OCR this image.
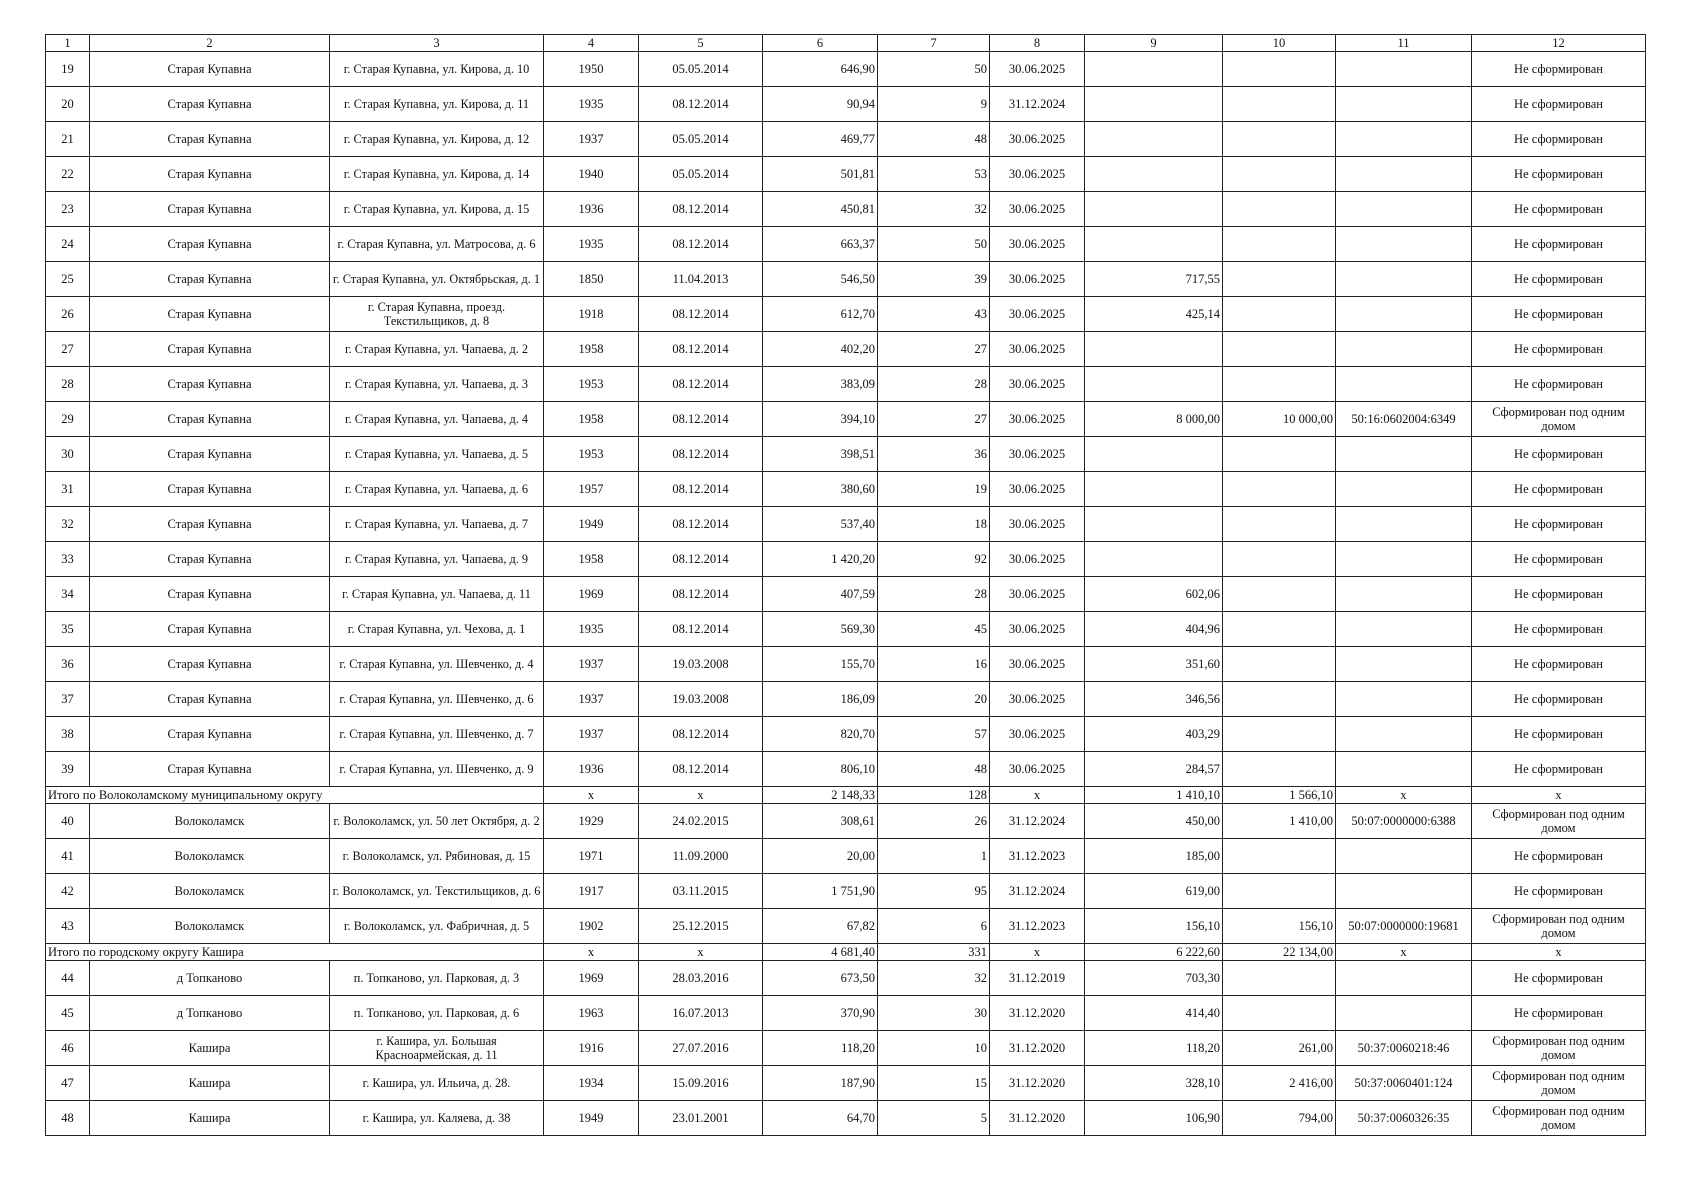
1	2	3	4	5	6	7	8	9	10	11	12
19	Старая Купавна	г. Старая Купавна, ул. Кирова, д. 10	1950	05.05.2014	646,90	50	30.06.2025				Не сформирован
20	Старая Купавна	г. Старая Купавна, ул. Кирова, д. 11	1935	08.12.2014	90,94	9	31.12.2024				Не сформирован
21	Старая Купавна	г. Старая Купавна, ул. Кирова, д. 12	1937	05.05.2014	469,77	48	30.06.2025				Не сформирован
22	Старая Купавна	г. Старая Купавна, ул. Кирова, д. 14	1940	05.05.2014	501,81	53	30.06.2025				Не сформирован
23	Старая Купавна	г. Старая Купавна, ул. Кирова, д. 15	1936	08.12.2014	450,81	32	30.06.2025				Не сформирован
24	Старая Купавна	г. Старая Купавна, ул. Матросова, д. 6	1935	08.12.2014	663,37	50	30.06.2025				Не сформирован
25	Старая Купавна	г. Старая Купавна, ул. Октябрьская, д. 1	1850	11.04.2013	546,50	39	30.06.2025	717,55			Не сформирован
26	Старая Купавна	г. Старая Купавна, проезд. Текстильщиков, д. 8	1918	08.12.2014	612,70	43	30.06.2025	425,14			Не сформирован
27	Старая Купавна	г. Старая Купавна, ул. Чапаева, д. 2	1958	08.12.2014	402,20	27	30.06.2025				Не сформирован
28	Старая Купавна	г. Старая Купавна, ул. Чапаева, д. 3	1953	08.12.2014	383,09	28	30.06.2025				Не сформирован
29	Старая Купавна	г. Старая Купавна, ул. Чапаева, д. 4	1958	08.12.2014	394,10	27	30.06.2025	8 000,00	10 000,00	50:16:0602004:6349	Сформирован под одним домом
30	Старая Купавна	г. Старая Купавна, ул. Чапаева, д. 5	1953	08.12.2014	398,51	36	30.06.2025				Не сформирован
31	Старая Купавна	г. Старая Купавна, ул. Чапаева, д. 6	1957	08.12.2014	380,60	19	30.06.2025				Не сформирован
32	Старая Купавна	г. Старая Купавна, ул. Чапаева, д. 7	1949	08.12.2014	537,40	18	30.06.2025				Не сформирован
33	Старая Купавна	г. Старая Купавна, ул. Чапаева, д. 9	1958	08.12.2014	1 420,20	92	30.06.2025				Не сформирован
34	Старая Купавна	г. Старая Купавна, ул. Чапаева, д. 11	1969	08.12.2014	407,59	28	30.06.2025	602,06			Не сформирован
35	Старая Купавна	г. Старая Купавна, ул. Чехова, д. 1	1935	08.12.2014	569,30	45	30.06.2025	404,96			Не сформирован
36	Старая Купавна	г. Старая Купавна, ул. Шевченко, д. 4	1937	19.03.2008	155,70	16	30.06.2025	351,60			Не сформирован
37	Старая Купавна	г. Старая Купавна, ул. Шевченко, д. 6	1937	19.03.2008	186,09	20	30.06.2025	346,56			Не сформирован
38	Старая Купавна	г. Старая Купавна, ул. Шевченко, д. 7	1937	08.12.2014	820,70	57	30.06.2025	403,29			Не сформирован
39	Старая Купавна	г. Старая Купавна, ул. Шевченко, д. 9	1936	08.12.2014	806,10	48	30.06.2025	284,57			Не сформирован
Итого по Волоколамскому муниципальному округу			х	х	2 148,33	128	х	1 410,10	1 566,10	х	х
40	Волоколамск	г. Волоколамск, ул. 50 лет Октября, д. 2	1929	24.02.2015	308,61	26	31.12.2024	450,00	1 410,00	50:07:0000000:6388	Сформирован под одним домом
41	Волоколамск	г. Волоколамск, ул. Рябиновая, д. 15	1971	11.09.2000	20,00	1	31.12.2023	185,00			Не сформирован
42	Волоколамск	г. Волоколамск, ул. Текстильщиков, д. 6	1917	03.11.2015	1 751,90	95	31.12.2024	619,00			Не сформирован
43	Волоколамск	г. Волоколамск, ул. Фабричная, д. 5	1902	25.12.2015	67,82	6	31.12.2023	156,10	156,10	50:07:0000000:19681	Сформирован под одним домом
Итого по городскому округу Кашира			х	х	4 681,40	331	х	6 222,60	22 134,00	х	х
44	д Топканово	п. Топканово, ул. Парковая, д. 3	1969	28.03.2016	673,50	32	31.12.2019	703,30			Не сформирован
45	д Топканово	п. Топканово, ул. Парковая, д. 6	1963	16.07.2013	370,90	30	31.12.2020	414,40			Не сформирован
46	Кашира	г. Кашира, ул. Большая Красноармейская, д. 11	1916	27.07.2016	118,20	10	31.12.2020	118,20	261,00	50:37:0060218:46	Сформирован под одним домом
47	Кашира	г. Кашира, ул. Ильича, д. 28.	1934	15.09.2016	187,90	15	31.12.2020	328,10	2 416,00	50:37:0060401:124	Сформирован под одним домом
48	Кашира	г. Кашира, ул. Каляева, д. 38	1949	23.01.2001	64,70	5	31.12.2020	106,90	794,00	50:37:0060326:35	Сформирован под одним домом
